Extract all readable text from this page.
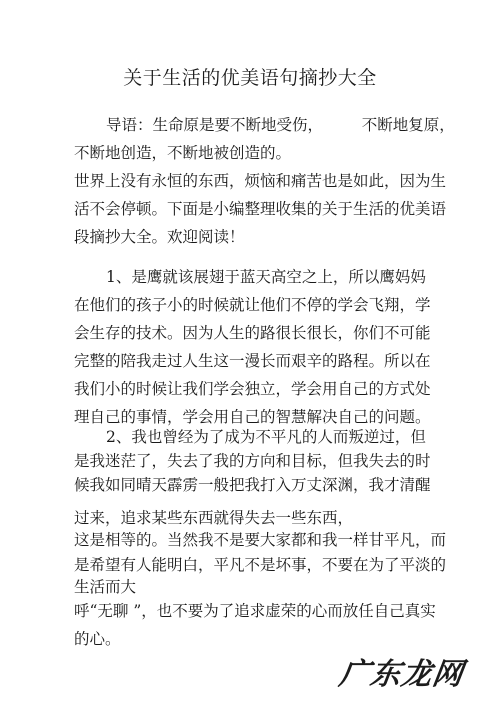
关于生活的优美语句摘抄大全
导语：生命原是要不断地受伤，　　　不断地复原，
不断地创造，不断地被创造的。
世界上没有永恒的东西，烦恼和痛苦也是如此，因为生
活不会停顿。下面是小编整理收集的关于生活的优美语
段摘抄大全。欢迎阅读！
1、是鹰就该展翅于蓝天高空之上，所以鹰妈妈
在他们的孩子小的时候就让他们不停的学会飞翔，学
会生存的技术。因为人生的路很长很长，你们不可能
完整的陪我走过人生这一漫长而艰辛的路程。所以在
我们小的时候让我们学会独立，学会用自己的方式处
理自己的事情，学会用自己的智慧解决自己的问题。
2、我也曾经为了成为不平凡的人而叛逆过，但
是我迷茫了，失去了我的方向和目标，但我失去的时
候我如同晴天霹雳一般把我打入万丈深渊，我才清醒
过来，追求某些东西就得失去一些东西，
这是相等的。当然我不是要大家都和我一样甘平凡，而
是希望有人能明白，平凡不是坏事，不要在为了平淡的
生活而大
呼“无聊 ”，也不要为了追求虚荣的心而放任自己真实
的心。
广东龙网
